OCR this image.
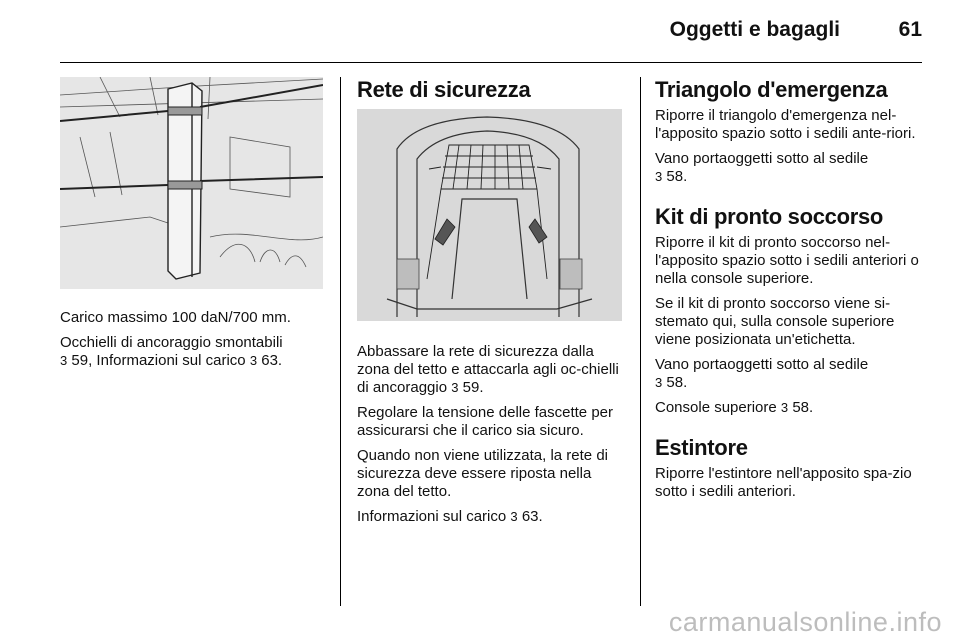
Oggetti e bagagli	61

Carico massimo 100 daN/700 mm.

Occhielli di ancoraggio smontabili

3 59, Informazioni sul carico 3 63.

Rete di sicurezza

Abbassare la rete di sicurezza dalla zona del tetto e attaccarla agli oc-chielli di ancoraggio 3 59.

Regolare la tensione delle fascette per assicurarsi che il carico sia sicuro.

Quando non viene utilizzata, la rete di sicurezza deve essere riposta nella zona del tetto.

Informazioni sul carico 3 63.

Triangolo d'emergenza

Riporre il triangolo d'emergenza nel-l'apposito spazio sotto i sedili ante-riori.

Vano portaoggetti sotto al sedile
3 58.

Kit di pronto soccorso

Riporre il kit di pronto soccorso nel-l'apposito spazio sotto i sedili anteriori o nella console superiore.

Se il kit di pronto soccorso viene si-stemato qui, sulla console superiore viene posizionata un'etichetta.

Vano portaoggetti sotto al sedile
3 58.

Console superiore 3 58.

Estintore

Riporre l'estintore nell'apposito spa-zio sotto i sedili anteriori.

carmanualsonline.info
